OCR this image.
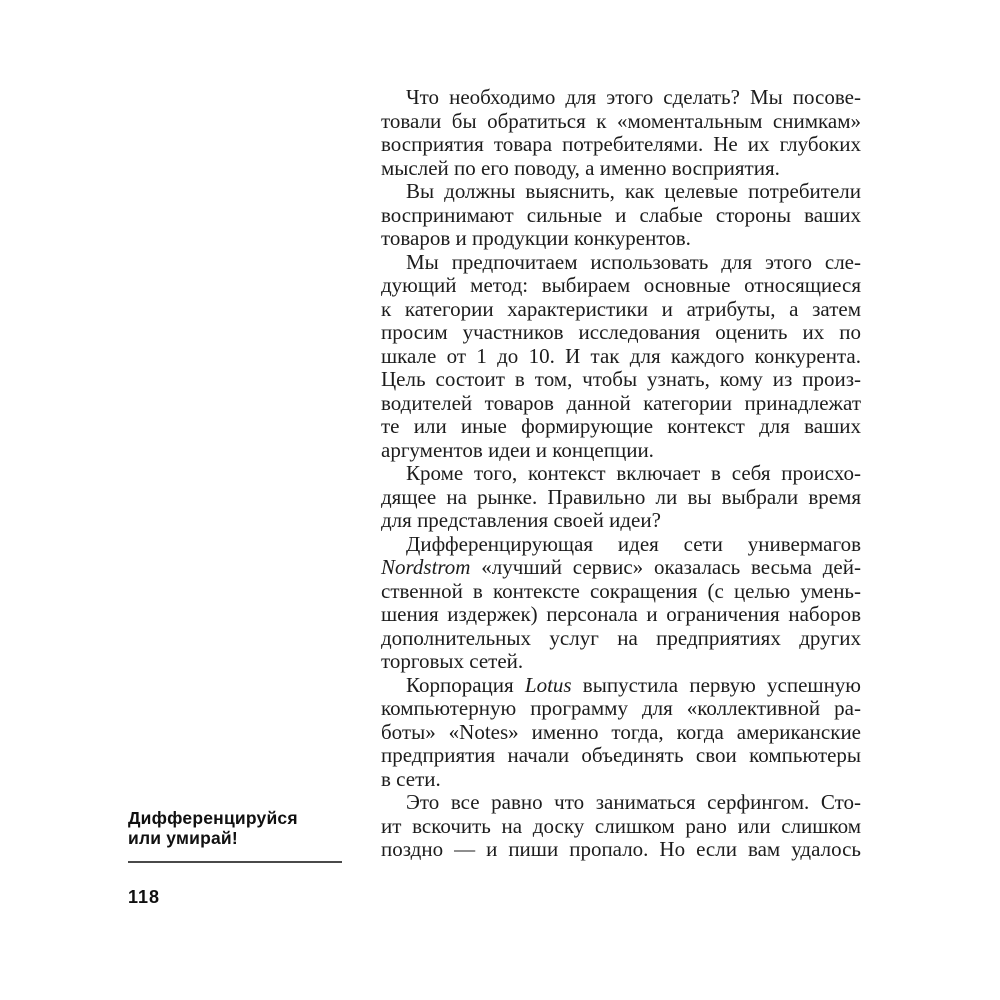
Что необходимо для этого сделать? Мы посове-
товали бы обратиться к «моментальным снимкам»
восприятия товара потребителями. Не их глубоких
мыслей по его поводу, а именно восприятия.
Вы должны выяснить, как целевые потребители
воспринимают сильные и слабые стороны ваших
товаров и продукции конкурентов.
Мы предпочитаем использовать для этого сле-
дующий метод: выбираем основные относящиеся
к категории характеристики и атрибуты, а затем
просим участников исследования оценить их по
шкале от 1 до 10. И так для каждого конкурента.
Цель состоит в том, чтобы узнать, кому из произ-
водителей товаров данной категории принадлежат
те или иные формирующие контекст для ваших
аргументов идеи и концепции.
Кроме того, контекст включает в себя происхо-
дящее на рынке. Правильно ли вы выбрали время
для представления своей идеи?
Дифференцирующая идея сети универмагов
Nordstrom «лучший сервис» оказалась весьма дей-
ственной в контексте сокращения (с целью умень-
шения издержек) персонала и ограничения наборов
дополнительных услуг на предприятиях других
торговых сетей.
Корпорация Lotus выпустила первую успешную
компьютерную программу для «коллективной ра-
боты» «Notes» именно тогда, когда американские
предприятия начали объединять свои компьютеры
в сети.
Это все равно что заниматься серфингом. Сто-
ит вскочить на доску слишком рано или слишком
поздно — и пиши пропало. Но если вам удалось
Дифференцируйся
или умирай!
118
